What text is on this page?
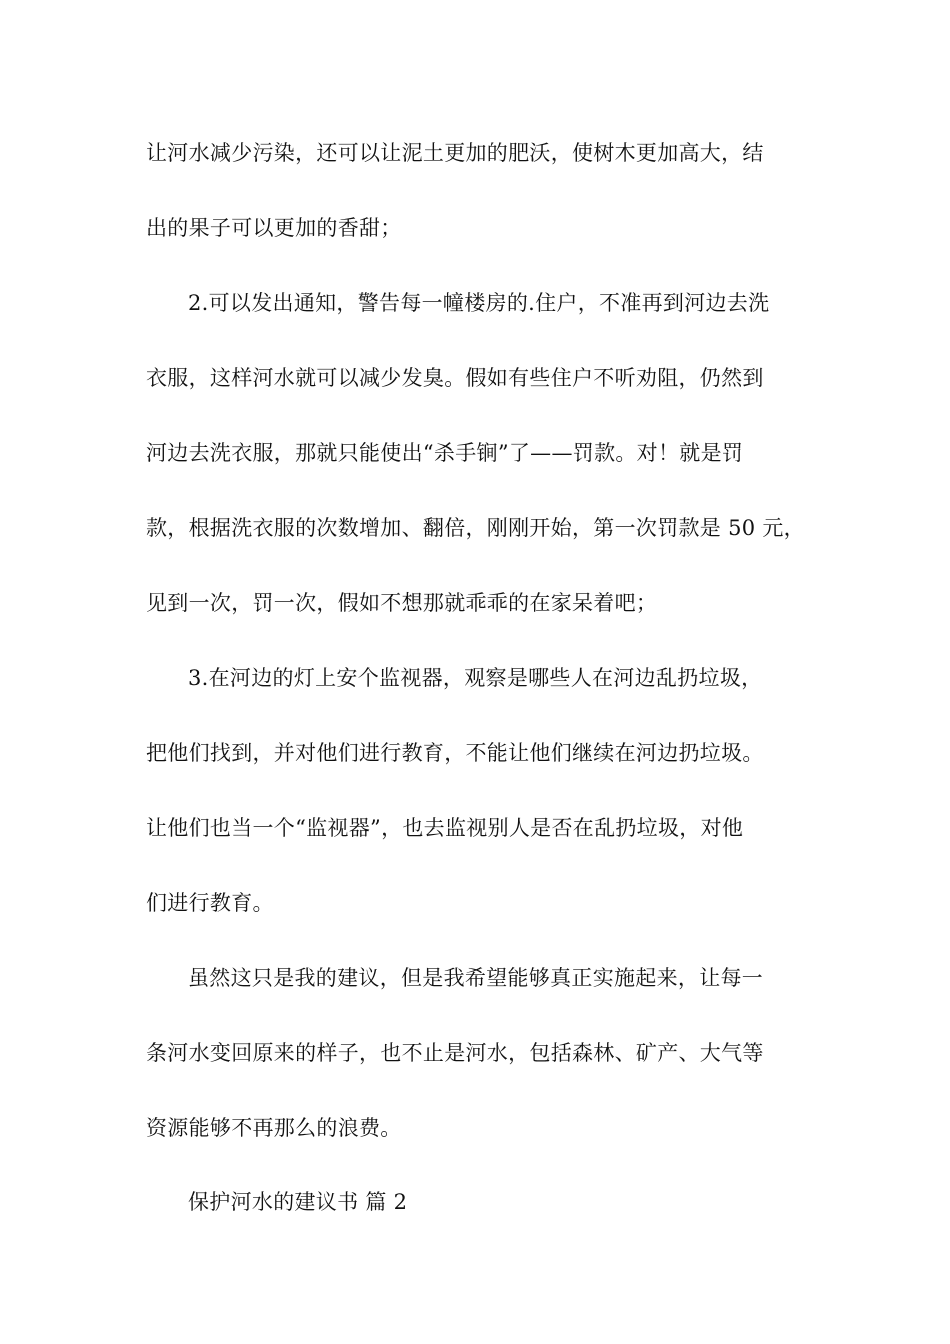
让河水减少污染，还可以让泥土更加的肥沃，使树木更加高大，结
出的果子可以更加的香甜；
2.可以发出通知，警告每一幢楼房的.住户，不准再到河边去洗
衣服，这样河水就可以减少发臭。假如有些住户不听劝阻，仍然到
河边去洗衣服，那就只能使出“杀手锏”了——罚款。对！就是罚
款，根据洗衣服的次数增加、翻倍，刚刚开始，第一次罚款是 50 元，
见到一次，罚一次，假如不想那就乖乖的在家呆着吧；
3.在河边的灯上安个监视器，观察是哪些人在河边乱扔垃圾，
把他们找到，并对他们进行教育，不能让他们继续在河边扔垃圾。
让他们也当一个“监视器”，也去监视别人是否在乱扔垃圾，对他
们进行教育。
虽然这只是我的建议，但是我希望能够真正实施起来，让每一
条河水变回原来的样子，也不止是河水，包括森林、矿产、大气等
资源能够不再那么的浪费。
保护河水的建议书 篇 2
